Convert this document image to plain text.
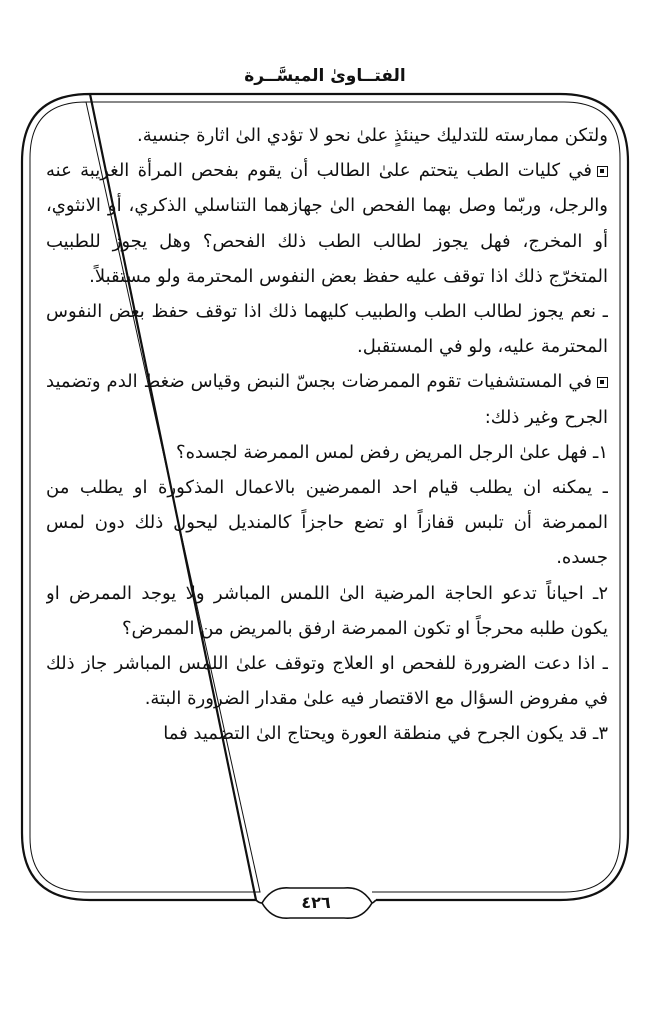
الفتــاوىٰ الميسَّــرة

ولتكن ممارسته للتدليك حينئذٍ علىٰ نحو لا تؤدي الىٰ اثارة جنسية.

في كليات الطب يتحتم علىٰ الطالب أن يقوم بفحص المرأة الغريبة عنه والرجل، وربّما وصل بهما الفحص الىٰ جهازهما التناسلي الذكري، أو الانثوي، أو المخرج، فهل يجوز لطالب الطب ذلك الفحص؟ وهل يجوز للطبيب المتخرّج ذلك اذا توقف عليه حفظ بعض النفوس المحترمة ولو مستقبلاً.

ـ نعم يجوز لطالب الطب والطبيب كليهما ذلك اذا توقف حفظ بعض النفوس المحترمة عليه، ولو في المستقبل.

في المستشفيات تقوم الممرضات بجسّ النبض وقياس ضغط الدم وتضميد الجرح وغير ذلك:

١ـ فهل علىٰ الرجل المريض رفض لمس الممرضة لجسده؟

ـ يمكنه ان يطلب قيام احد الممرضين بالاعمال المذكورة او يطلب من الممرضة أن تلبس قفازاً او تضع حاجزاً كالمنديل ليحول ذلك دون لمس جسده.

٢ـ احياناً تدعو الحاجة المرضية الىٰ اللمس المباشر ولا يوجد الممرض او يكون طلبه محرجاً او تكون الممرضة ارفق بالمريض من الممرض؟

ـ اذا دعت الضرورة للفحص او العلاج وتوقف علىٰ اللمس المباشر جاز ذلك في مفروض السؤال مع الاقتصار فيه علىٰ مقدار الضرورة البتة.

٣ـ قد يكون الجرح في منطقة العورة ويحتاج الىٰ التضميد فما

٤٢٦
